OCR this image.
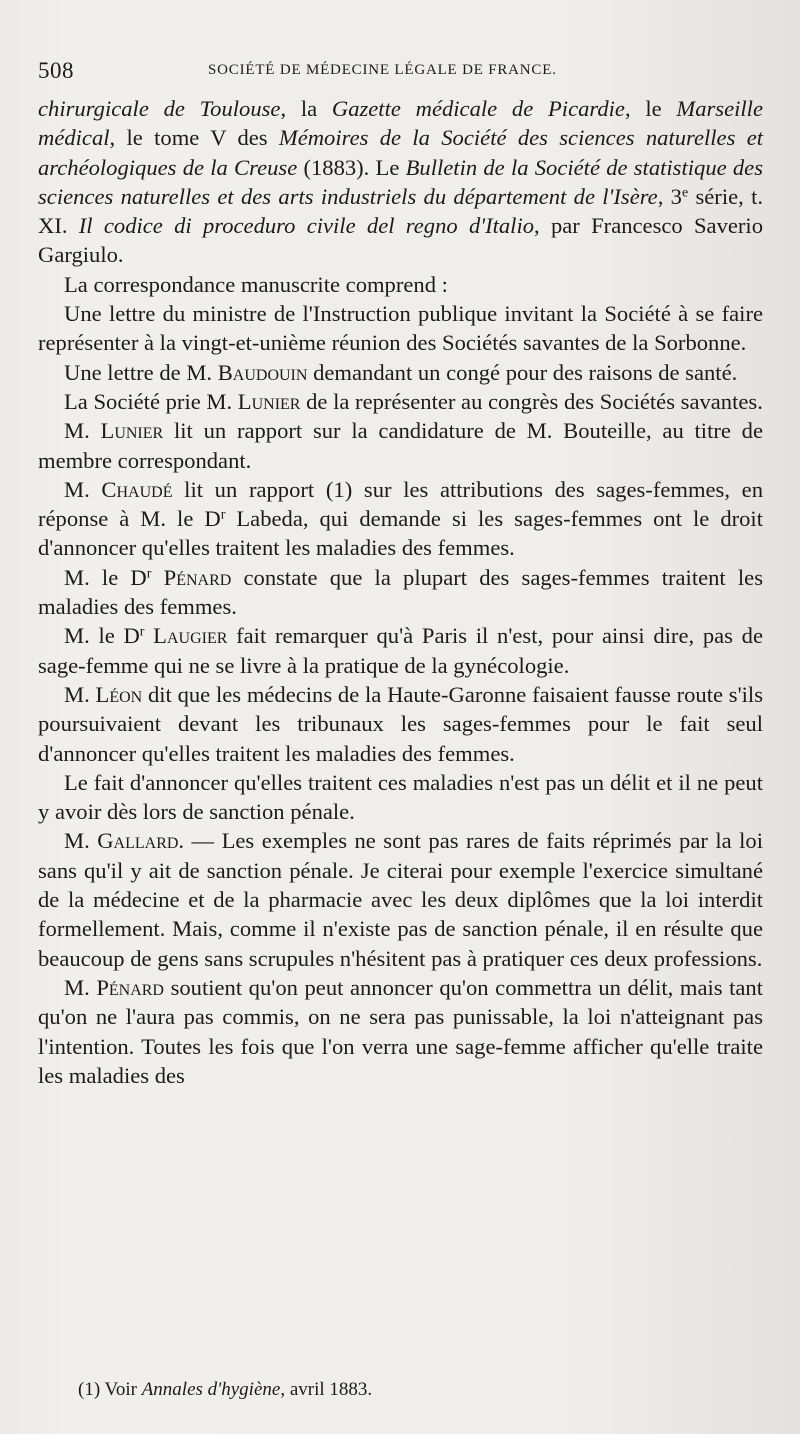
508	SOCIÉTÉ DE MÉDECINE LÉGALE DE FRANCE.

chirurgicale de Toulouse, la Gazette médicale de Picardie, le Marseille médical, le tome V des Mémoires de la Société des sciences naturelles et archéologiques de la Creuse (1883). Le Bulletin de la Société de statistique des sciences naturelles et des arts industriels du département de l'Isère, 3e série, t. XI. Il codice di proceduro civile del regno d'Italio, par Francesco Saverio Gargiulo.

La correspondance manuscrite comprend :

Une lettre du ministre de l'Instruction publique invitant la Société à se faire représenter à la vingt-et-unième réunion des Sociétés savantes de la Sorbonne.

Une lettre de M. Baudouin demandant un congé pour des raisons de santé.

La Société prie M. Lunier de la représenter au congrès des Sociétés savantes.

M. Lunier lit un rapport sur la candidature de M. Bouteille, au titre de membre correspondant.

M. Chaudé lit un rapport (1) sur les attributions des sages-femmes, en réponse à M. le $D^r$ Labeda, qui demande si les sages-femmes ont le droit d'annoncer qu'elles traitent les maladies des femmes.

M. le $D^r$ Pénard constate que la plupart des sages-femmes traitent les maladies des femmes.

M. le $D^r$ Laugier fait remarquer qu'à Paris il n'est, pour ainsi dire, pas de sage-femme qui ne se livre à la pratique de la gynécologie.

M. Léon dit que les médecins de la Haute-Garonne faisaient fausse route s'ils poursuivaient devant les tribunaux les sages-femmes pour le fait seul d'annoncer qu'elles traitent les maladies des femmes.

Le fait d'annoncer qu'elles traitent ces maladies n'est pas un délit et il ne peut y avoir dès lors de sanction pénale.

M. Gallard. — Les exemples ne sont pas rares de faits réprimés par la loi sans qu'il y ait de sanction pénale. Je citerai pour exemple l'exercice simultané de la médecine et de la pharmacie avec les deux diplômes que la loi interdit formellement. Mais, comme il n'existe pas de sanction pénale, il en résulte que beaucoup de gens sans scrupules n'hésitent pas à pratiquer ces deux professions.

M. Pénard soutient qu'on peut annoncer qu'on commettra un délit, mais tant qu'on ne l'aura pas commis, on ne sera pas punissable, la loi n'atteignant pas l'intention. Toutes les fois que l'on verra une sage-femme afficher qu'elle traite les maladies des

(1) Voir Annales d'hygiène, avril 1883.
